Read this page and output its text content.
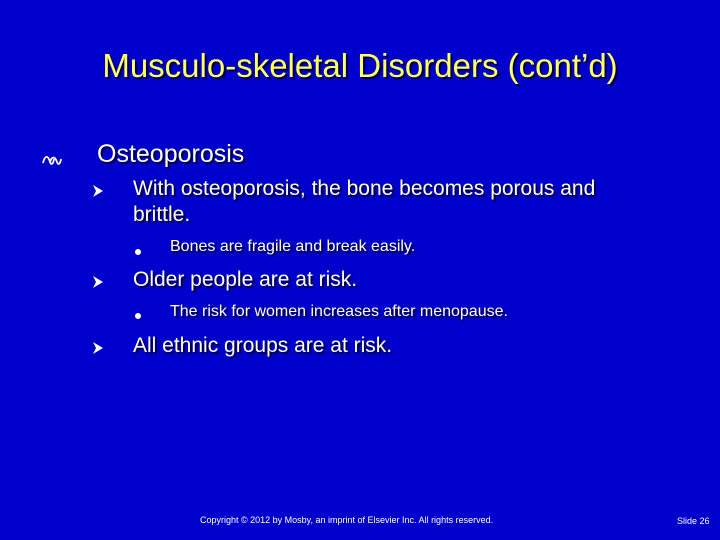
Musculo-skeletal Disorders (cont’d)
Osteoporosis
With osteoporosis, the bone becomes porous and
brittle.
Bones are fragile and break easily.
Older people are at risk.
The risk for women increases after menopause.
All ethnic groups are at risk.
Copyright © 2012 by Mosby, an imprint of Elsevier Inc. All rights reserved.	Slide 26
